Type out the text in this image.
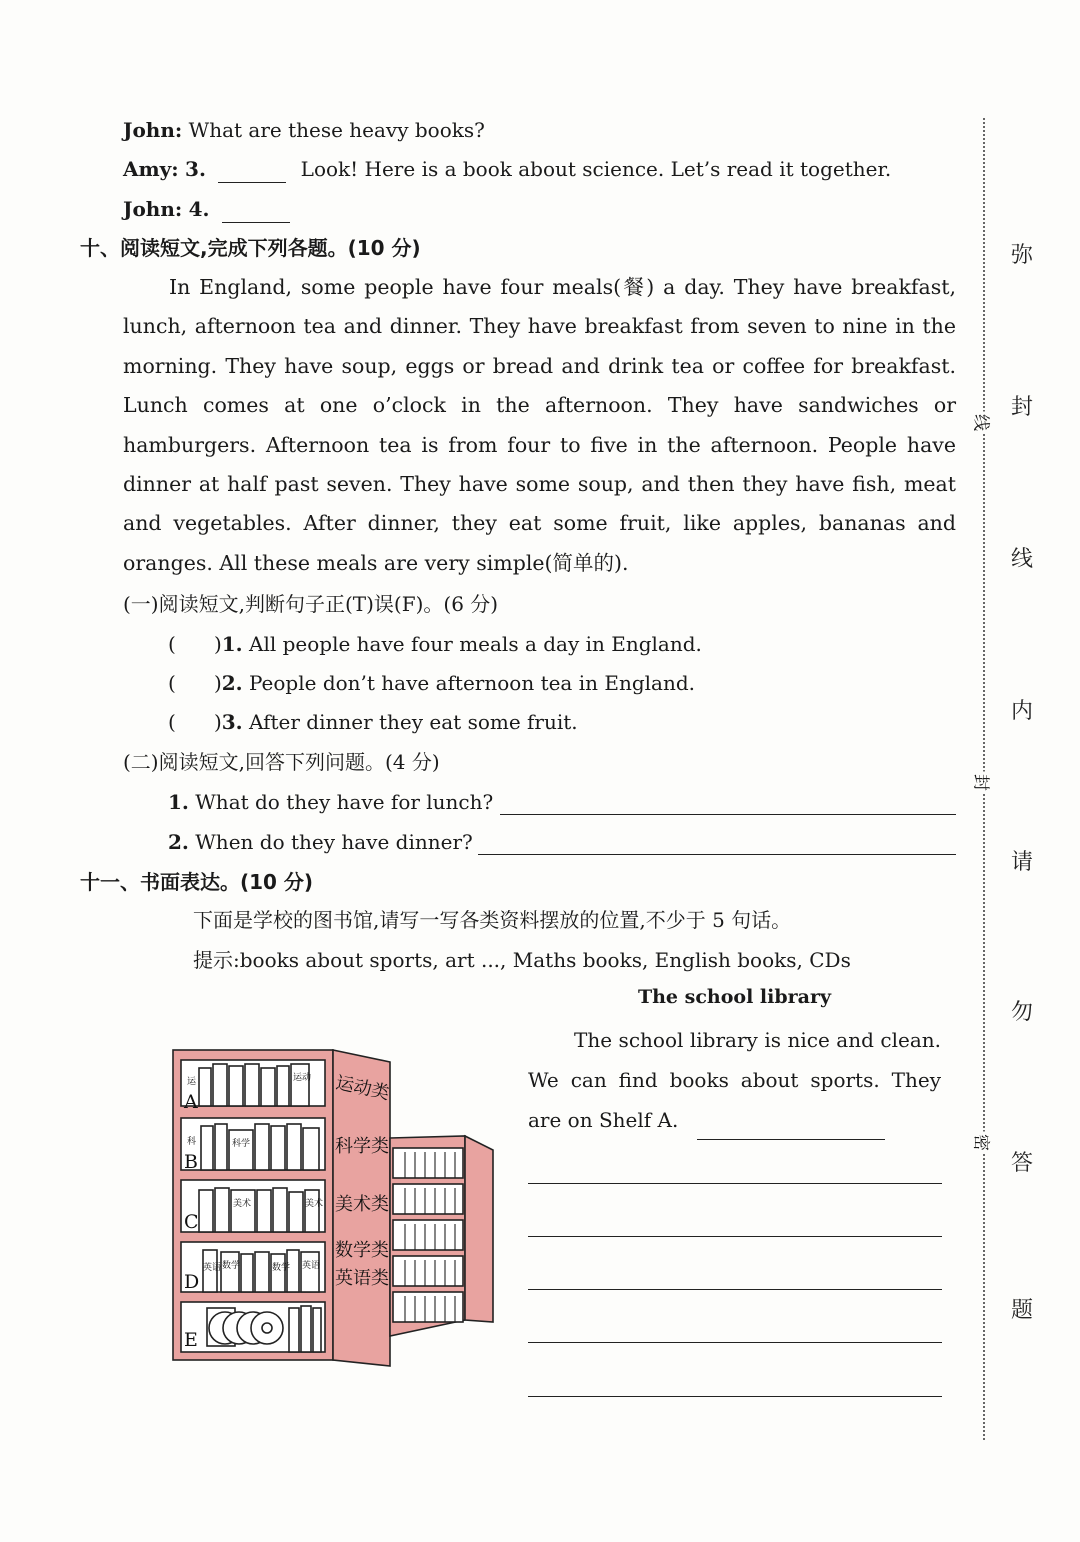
John: What are these heavy books?
Amy: 3.	Look! Here is a book about science. Let’s read it together.
John: 4.
十、阅读短文,完成下列各题。(10 分)

In England, some people have four meals(餐) a day. They have breakfast, lunch, afternoon tea and dinner. They have breakfast from seven to nine in the morning. They have soup, eggs or bread and drink tea or coffee for breakfast. Lunch comes at one o’clock in the afternoon. They have sandwiches or hamburgers. Afternoon tea is from four to five in the afternoon. People have dinner at half past seven. They have some soup, and then they have fish, meat and vegetables. After dinner, they eat some fruit, like apples, bananas and oranges. All these meals are very simple(简单的).

(一)阅读短文,判断句子正(T)误(F)。(6 分)
(      )1. All people have four meals a day in England.
(      )2. People don’t have afternoon tea in England.
(      )3. After dinner they eat some fruit.
(二)阅读短文,回答下列问题。(4 分)
1. What do they have for lunch?
2. When do they have dinner?
十一、书面表达。(10 分)
下面是学校的图书馆,请写一写各类资料摆放的位置,不少于 5 句话。
提示:books about sports, art ..., Maths books, English books, CDs
The school library

The school library is nice and clean. We can find books about sports. They are on Shelf A.

A
B
C
D
E
运动类
科学类
美术类
数学类
英语类
运	运动
科	科学
美术	美术
英语 数学	数学 英语
线
封
密
弥
封
线
内
请
勿
答
题
